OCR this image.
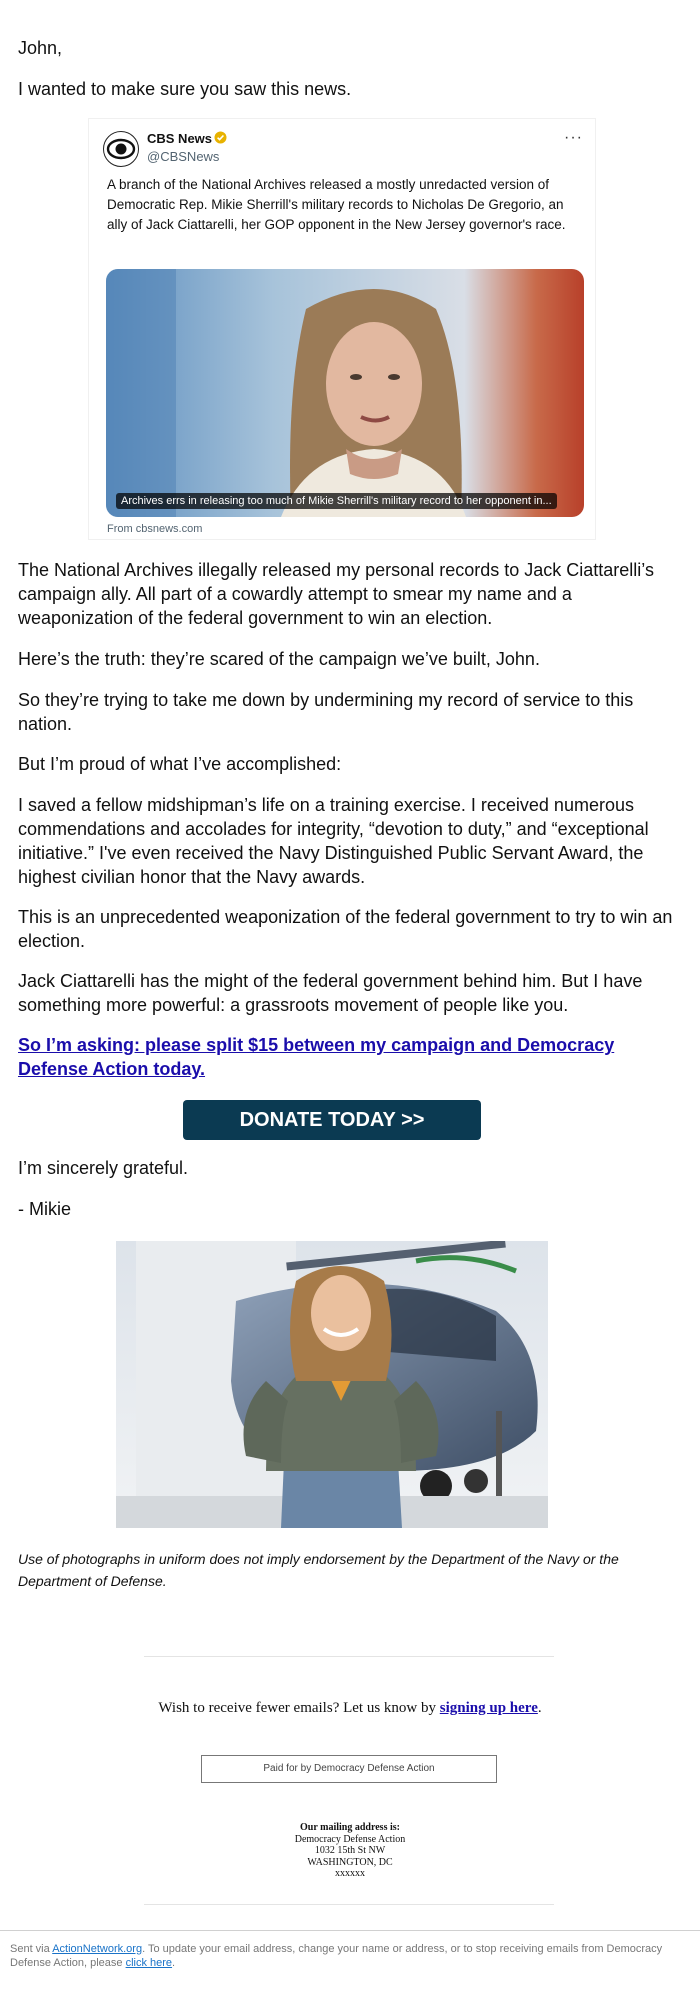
John,

I wanted to make sure you saw this news.

CBS News
@CBSNews
···
A branch of the National Archives released a mostly unredacted version of Democratic Rep. Mikie Sherrill's military records to Nicholas De Gregorio, an ally of Jack Ciattarelli, her GOP opponent in the New Jersey governor's race.
Archives errs in releasing too much of Mikie Sherrill's military record to her opponent in...
From cbsnews.com

The National Archives illegally released my personal records to Jack Ciattarelli’s campaign ally. All part of a cowardly attempt to smear my name and a weaponization of the federal government to win an election.

Here’s the truth: they’re scared of the campaign we’ve built, John.

So they’re trying to take me down by undermining my record of service to this nation.

But I’m proud of what I’ve accomplished:

I saved a fellow midshipman’s life on a training exercise. I received numerous commendations and accolades for integrity, “devotion to duty,” and “exceptional initiative.” I've even received the Navy Distinguished Public Servant Award, the highest civilian honor that the Navy awards.

This is an unprecedented weaponization of the federal government to try to win an election.

Jack Ciattarelli has the might of the federal government behind him. But I have something more powerful: a grassroots movement of people like you.

So I’m asking: please split $15 between my campaign and Democracy Defense Action today.

I’m sincerely grateful.

- Mikie

Use of photographs in uniform does not imply endorsement by the Department of the Navy or the Department of Defense.
DONATE TODAY >>
Wish to receive fewer emails? Let us know by signing up here.
Paid for by Democracy Defense Action
Our mailing address is:
Democracy Defense Action
1032 15th St NW
WASHINGTON, DC
xxxxxx
Sent via ActionNetwork.org. To update your email address, change your name or address, or to stop receiving emails from Democracy Defense Action, please click here.
